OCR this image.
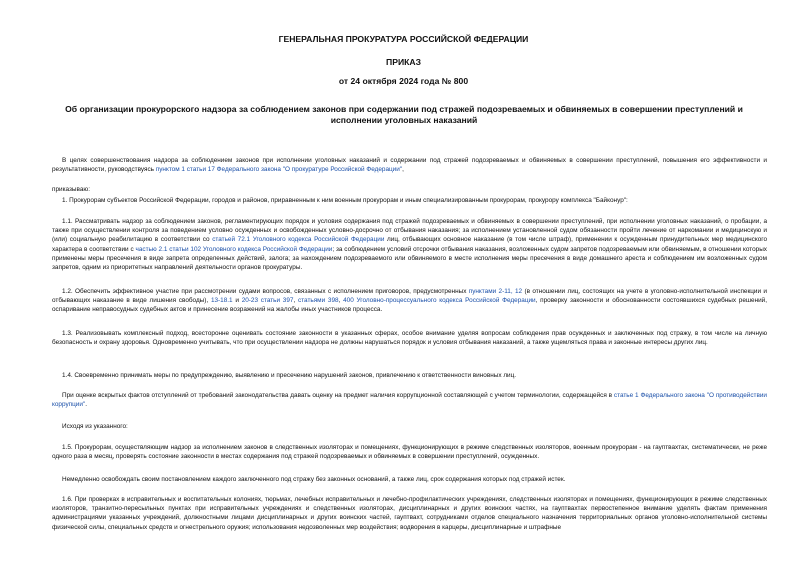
ГЕНЕРАЛЬНАЯ ПРОКУРАТУРА РОССИЙСКОЙ ФЕДЕРАЦИИ
ПРИКАЗ
от 24 октября 2024 года № 800
Об организации прокурорского надзора за соблюдением законов при содержании под стражей подозреваемых и обвиняемых в совершении преступлений и исполнении уголовных наказаний

В целях совершенствования надзора за соблюдением законов при исполнении уголовных наказаний и содержании под стражей подозреваемых и обвиняемых в совершении преступлений, повышения его эффективности и результативности, руководствуясь пунктом 1 статьи 17 Федерального закона "О прокуратуре Российской Федерации",

приказываю:

1. Прокурорам субъектов Российской Федерации, городов и районов, приравненным к ним военным прокурорам и иным специализированным прокурорам, прокурору комплекса "Байконур":

1.1. Рассматривать надзор за соблюдением законов, регламентирующих порядок и условия содержания под стражей подозреваемых и обвиняемых в совершении преступлений, при исполнении уголовных наказаний, о пробации, а также при осуществлении контроля за поведением условно осужденных и освобожденных условно-досрочно от отбывания наказания; за исполнением установленной судом обязанности пройти лечение от наркомании и медицинскую и (или) социальную реабилитацию в соответствии со статьей 72.1 Уголовного кодекса Российской Федерации лиц, отбывающих основное наказание (в том числе штраф), применении к осужденным принудительных мер медицинского характера в соответствии с частью 2.1 статьи 102 Уголовного кодекса Российской Федерации; за соблюдением условий отсрочки отбывания наказания, возложенных судом запретов подозреваемым или обвиняемым, в отношении которых применены меры пресечения в виде запрета определенных действий, залога; за нахождением подозреваемого или обвиняемого в месте исполнения меры пресечения в виде домашнего ареста и соблюдением им возложенных судом запретов, одним из приоритетных направлений деятельности органов прокуратуры.

1.2. Обеспечить эффективное участие при рассмотрении судами вопросов, связанных с исполнением приговоров, предусмотренных пунктами 2-11, 12 (в отношении лиц, состоящих на учете в уголовно-исполнительной инспекции и отбывающих наказание в виде лишения свободы), 13-18.1 и 20-23 статьи 397, статьями 398, 400 Уголовно-процессуального кодекса Российской Федерации, проверку законности и обоснованности состоявшихся судебных решений, оспаривание неправосудных судебных актов и принесение возражений на жалобы иных участников процесса.

1.3. Реализовывать комплексный подход, всесторонне оценивать состояние законности в указанных сферах, особое внимание уделяя вопросам соблюдения прав осужденных и заключенных под стражу, в том числе на личную безопасность и охрану здоровья. Одновременно учитывать, что при осуществлении надзора не должны нарушаться порядок и условия отбывания наказаний, а также ущемляться права и законные интересы других лиц.

1.4. Своевременно принимать меры по предупреждению, выявлению и пресечению нарушений законов, привлечению к ответственности виновных лиц.

При оценке вскрытых фактов отступлений от требований законодательства давать оценку на предмет наличия коррупционной составляющей с учетом терминологии, содержащейся в статье 1 Федерального закона "О противодействии коррупции".

Исходя из указанного:

1.5. Прокурорам, осуществляющим надзор за исполнением законов в следственных изоляторах и помещениях, функционирующих в режиме следственных изоляторов, военным прокурорам - на гауптвахтах, систематически, не реже одного раза в месяц, проверять состояние законности в местах содержания под стражей подозреваемых и обвиняемых в совершении преступлений, осужденных.

Немедленно освобождать своим постановлением каждого заключенного под стражу без законных оснований, а также лиц, срок содержания которых под стражей истек.

1.6. При проверках в исправительных и воспитательных колониях, тюрьмах, лечебных исправительных и лечебно-профилактических учреждениях, следственных изоляторах и помещениях, функционирующих в режиме следственных изоляторов, транзитно-пересыльных пунктах при исправительных учреждениях и следственных изоляторах, дисциплинарных и других воинских частях, на гауптвахтах первостепенное внимание уделять фактам применения администрациями указанных учреждений, должностными лицами дисциплинарных и других воинских частей, гауптвахт, сотрудниками отделов специального назначения территориальных органов уголовно-исполнительной системы физической силы, специальных средств и огнестрельного оружия; использования недозволенных мер воздействия; водворения в карцеры, дисциплинарные и штрафные
